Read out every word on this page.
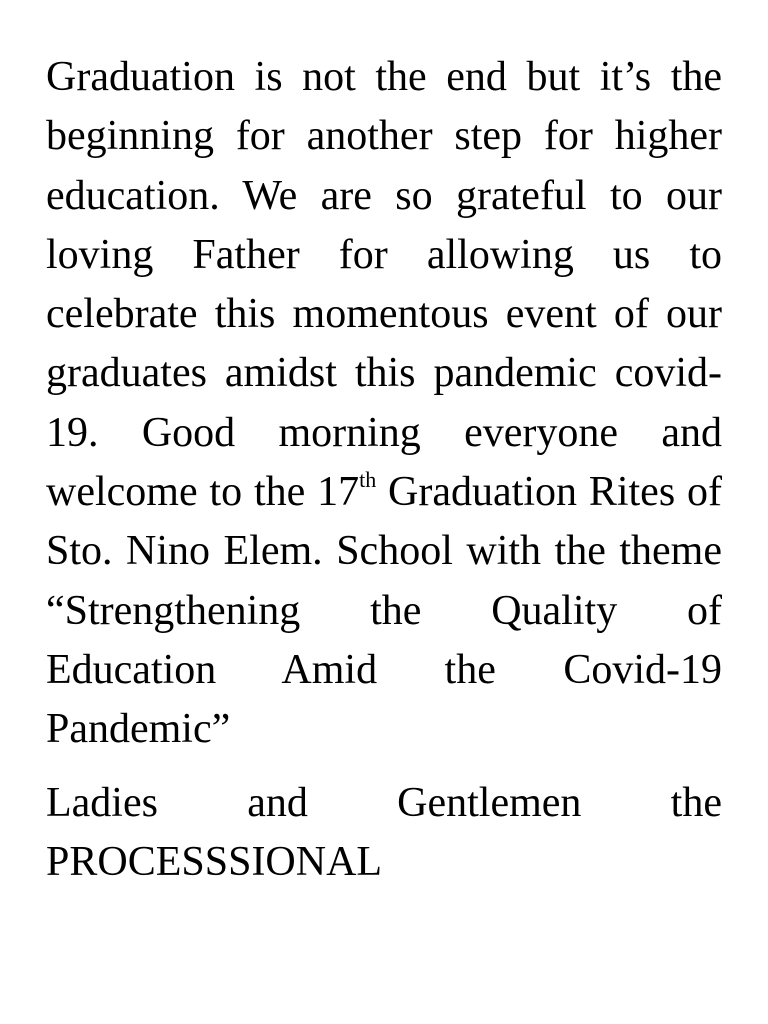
Graduation is not the end but it’s the beginning for another step for higher education. We are so grateful to our loving Father for allowing us to celebrate this momentous event of our graduates amidst this pandemic covid-19. Good morning everyone and welcome to the 17th Graduation Rites of Sto. Nino Elem. School with the theme “Strengthening the Quality of Education Amid the Covid-19 Pandemic”

Ladies and Gentlemen the PROCESSSIONAL
